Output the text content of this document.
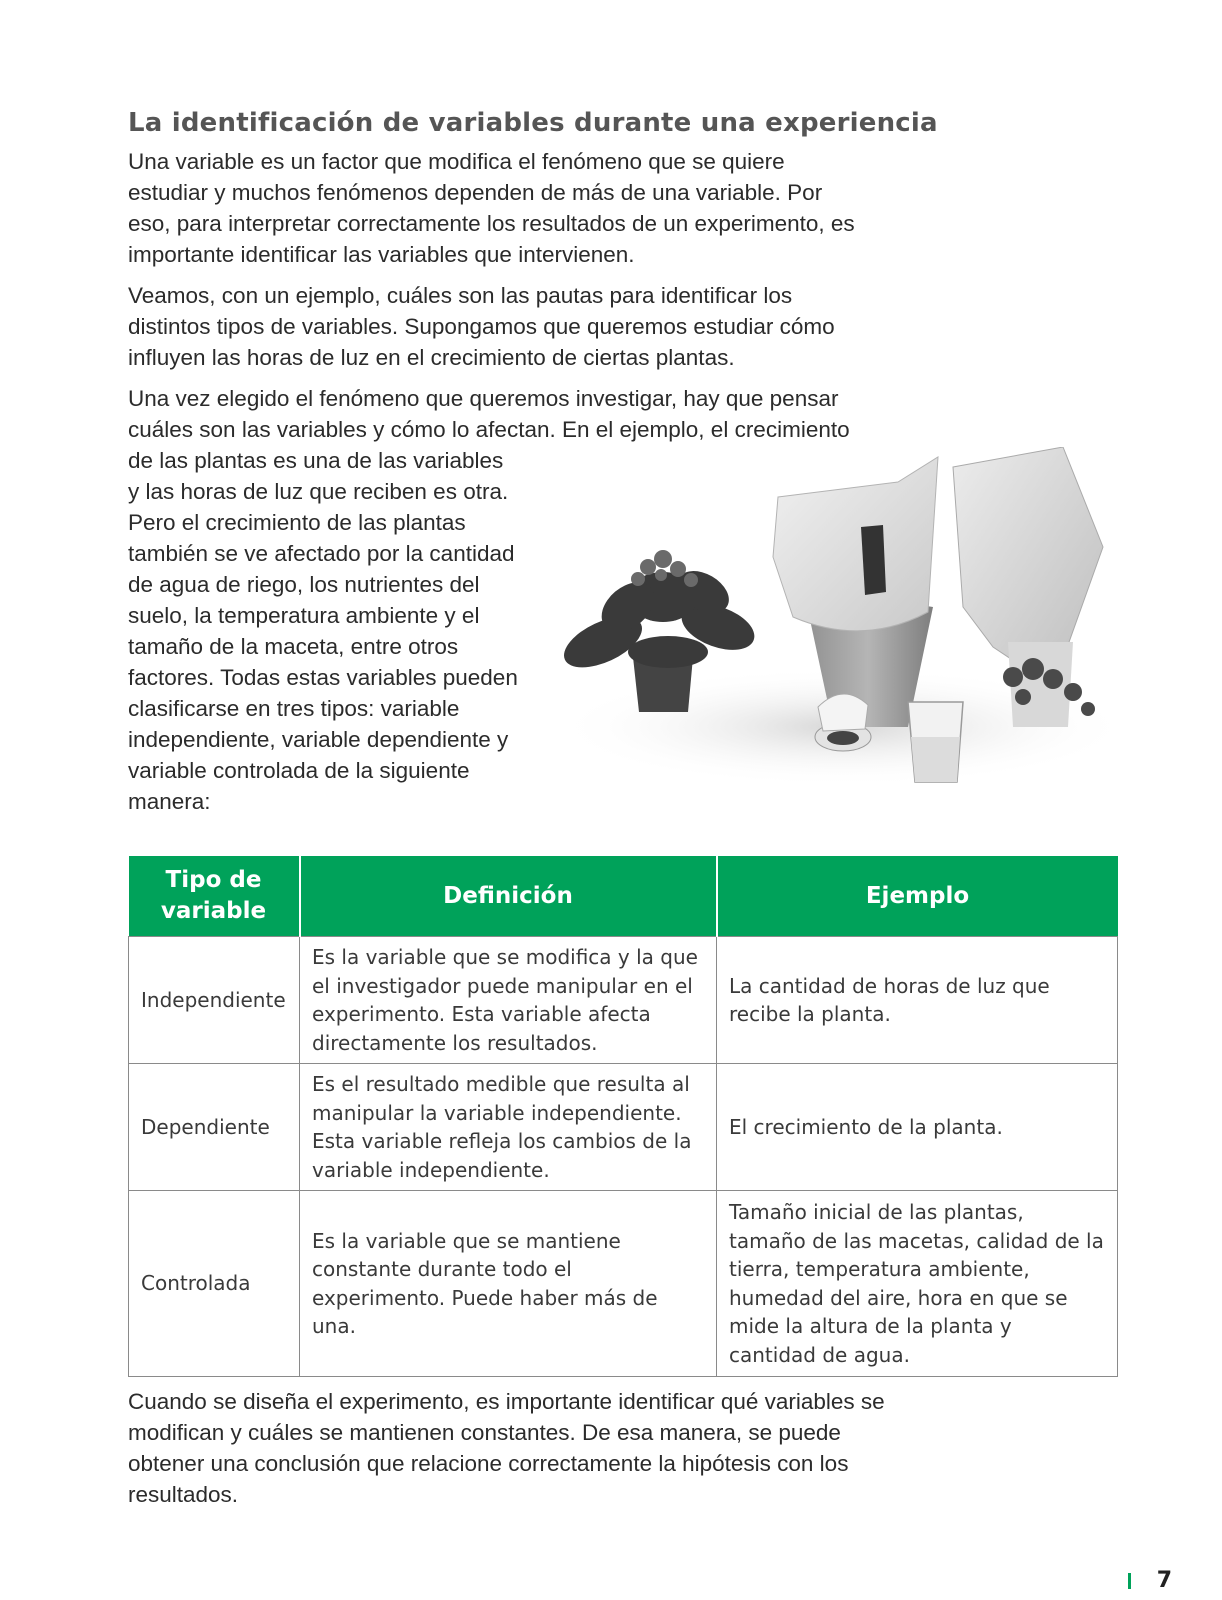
La identificación de variables durante una experiencia

Una variable es un factor que modifica el fenómeno que se quiere estudiar y muchos fenómenos dependen de más de una variable. Por eso, para interpretar correctamente los resultados de un experimento, es importante identificar las variables que intervienen.

Veamos, con un ejemplo, cuáles son las pautas para identificar los distintos tipos de variables. Supongamos que queremos estudiar cómo influyen las horas de luz en el crecimiento de ciertas plantas.

Una vez elegido el fenómeno que queremos investigar, hay que pensar cuáles son las variables y cómo lo afectan. En el ejemplo, el crecimiento

de las plantas es una de las variables y las horas de luz que reciben es otra. Pero el crecimiento de las plantas también se ve afectado por la cantidad de agua de riego, los nutrientes del suelo, la temperatura ambiente y el tamaño de la maceta, entre otros factores. Todas estas variables pueden clasificarse en tres tipos: variable independiente, variable dependiente y variable controlada de la siguiente manera:

Tipo de variable	Definición	Ejemplo
Independiente	Es la variable que se modifica y la que el investigador puede manipular en el experimento. Esta variable afecta directamente los resultados.	La cantidad de horas de luz que recibe la planta.
Dependiente	Es el resultado medible que resulta al manipular la variable independiente. Esta variable refleja los cambios de la variable independiente.	El crecimiento de la planta.
Controlada	Es la variable que se mantiene constante durante todo el experimento. Puede haber más de una.	Tamaño inicial de las plantas, tamaño de las macetas, calidad de la tierra, temperatura ambiente, humedad del aire, hora en que se mide la altura de la planta y cantidad de agua.

Cuando se diseña el experimento, es importante identificar qué variables se modifican y cuáles se mantienen constantes. De esa manera, se puede obtener una conclusión que relacione correctamente la hipótesis con los resultados.

7
